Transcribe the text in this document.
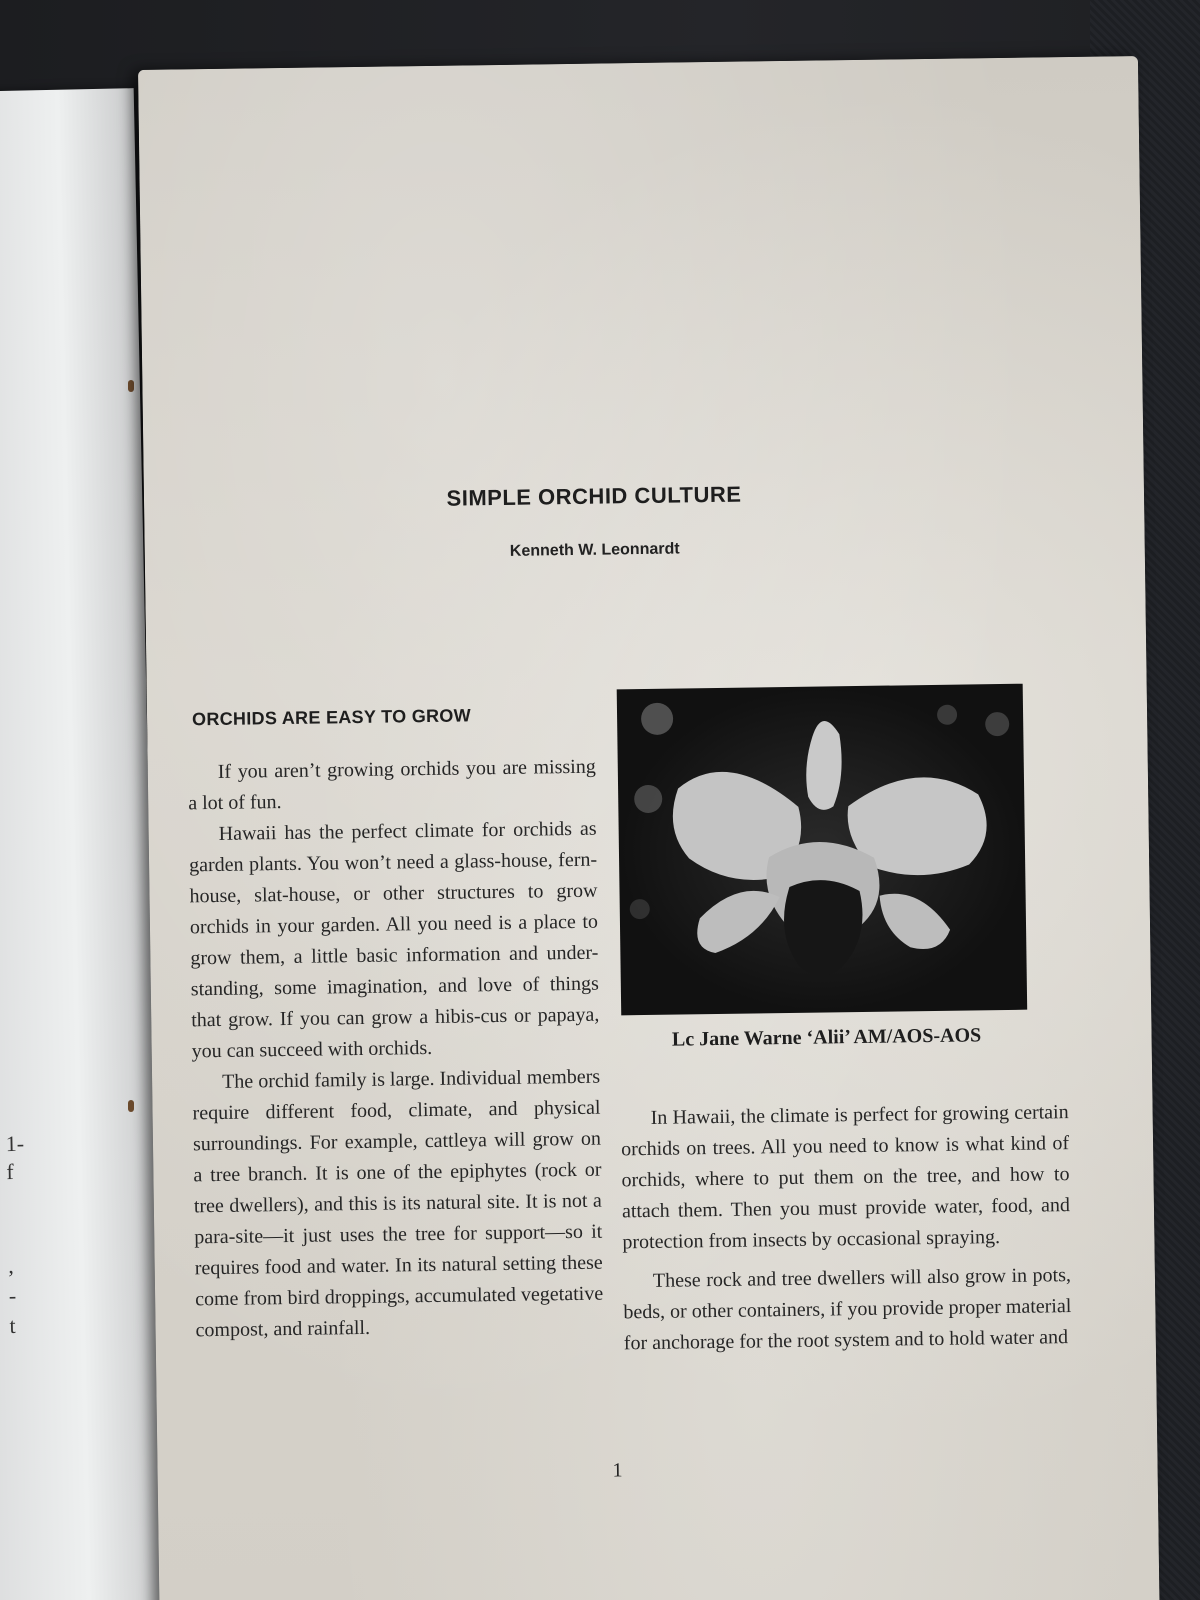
1-
f
,
-
t
SIMPLE ORCHID CULTURE
Kenneth W. Leonnardt
ORCHIDS ARE EASY TO GROW

If you aren’t growing orchids you are missing a lot of fun.

Hawaii has the perfect climate for orchids as garden plants. You won’t need a glass-house, fern-house, slat-house, or other structures to grow orchids in your garden. All you need is a place to grow them, a little basic information and under-standing, some imagination, and love of things that grow. If you can grow a hibis-cus or papaya, you can succeed with orchids.

The orchid family is large. Individual members require different food, climate, and physical surroundings. For example, cattleya will grow on a tree branch. It is one of the epiphytes (rock or tree dwellers), and this is its natural site. It is not a para-site—it just uses the tree for support—so it requires food and water. In its natural setting these come from bird droppings, accumulated vegetative compost, and rainfall.

Lc Jane Warne ‘Alii’ AM/AOS-AOS

In Hawaii, the climate is perfect for growing certain orchids on trees. All you need to know is what kind of orchids, where to put them on the tree, and how to attach them. Then you must provide water, food, and protection from insects by occasional spraying.

These rock and tree dwellers will also grow in pots, beds, or other containers, if you provide proper material for anchorage for the root system and to hold water and

1
